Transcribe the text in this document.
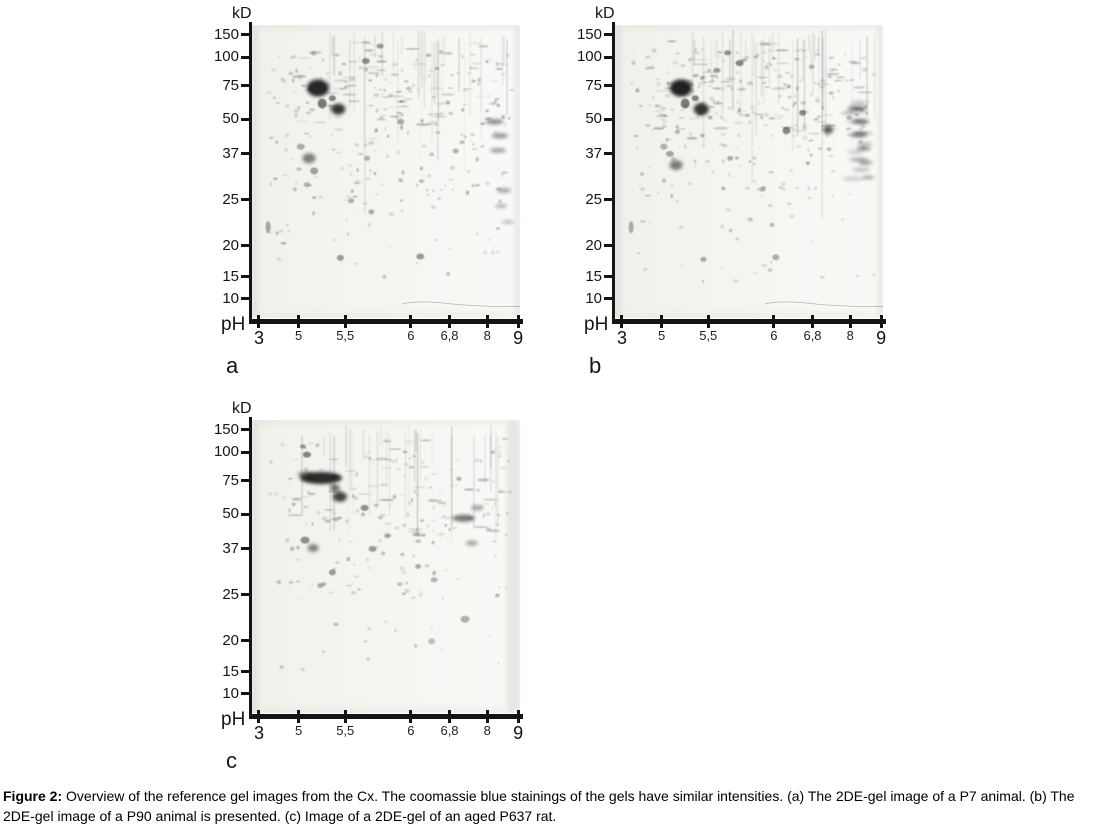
kD
pH
150
100
75
50
37
25
20
15
10
3	5	5,5	6	6,8	8	9
a
kD
pH
150
100
75
50
37
25
20
15
10
3	5	5,5	6	6,8	8	9
b
kD
pH
150
100
75
50
37
25
20
15
10
3	5	5,5	6	6,8	8	9
c
Figure 2: Overview of the reference gel images from the Cx. The coomassie blue stainings of the gels have similar intensities. (a) The 2DE-gel image of a P7 animal. (b) The 2DE-gel image of a P90 animal is presented. (c) Image of a 2DE-gel of an aged P637 rat.
